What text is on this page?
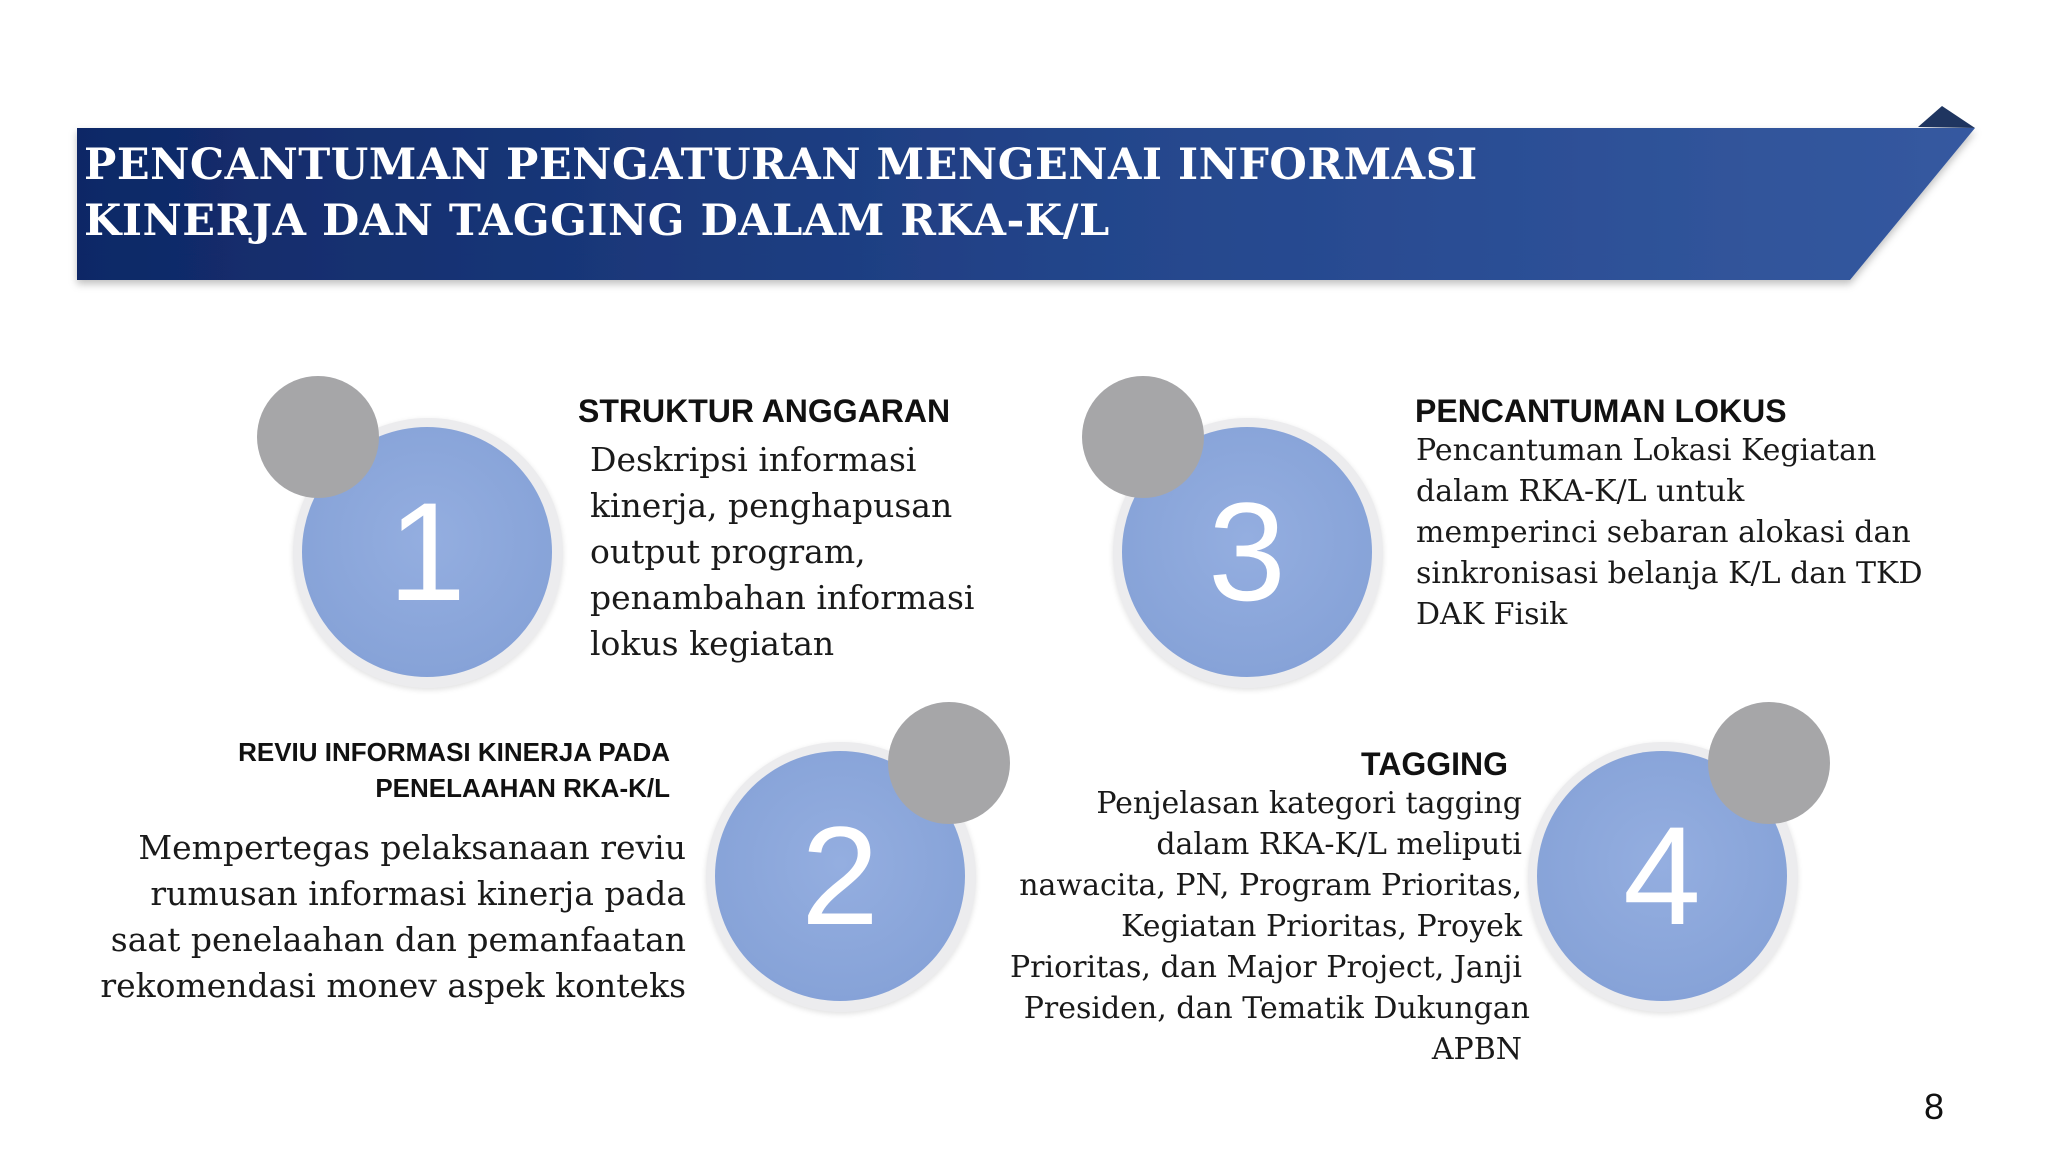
PENCANTUMAN PENGATURAN MENGENAI INFORMASI
KINERJA DAN TAGGING DALAM RKA-K/L
1
STRUKTUR ANGGARAN
Deskripsi informasi
kinerja, penghapusan
output program,
penambahan informasi
lokus kegiatan
2
REVIU INFORMASI KINERJA PADA
PENELAAHAN RKA-K/L
Mempertegas pelaksanaan reviu
rumusan informasi kinerja pada
saat penelaahan dan pemanfaatan
rekomendasi monev aspek konteks
3
PENCANTUMAN LOKUS
Pencantuman Lokasi Kegiatan
dalam RKA-K/L untuk
memperinci sebaran alokasi dan
sinkronisasi belanja K/L dan TKD
DAK Fisik
4
TAGGING
Penjelasan kategori tagging
dalam RKA-K/L meliputi
nawacita, PN, Program Prioritas,
Kegiatan Prioritas, Proyek
Prioritas, dan Major Project, Janji
Presiden, dan Tematik Dukungan
APBN
8
